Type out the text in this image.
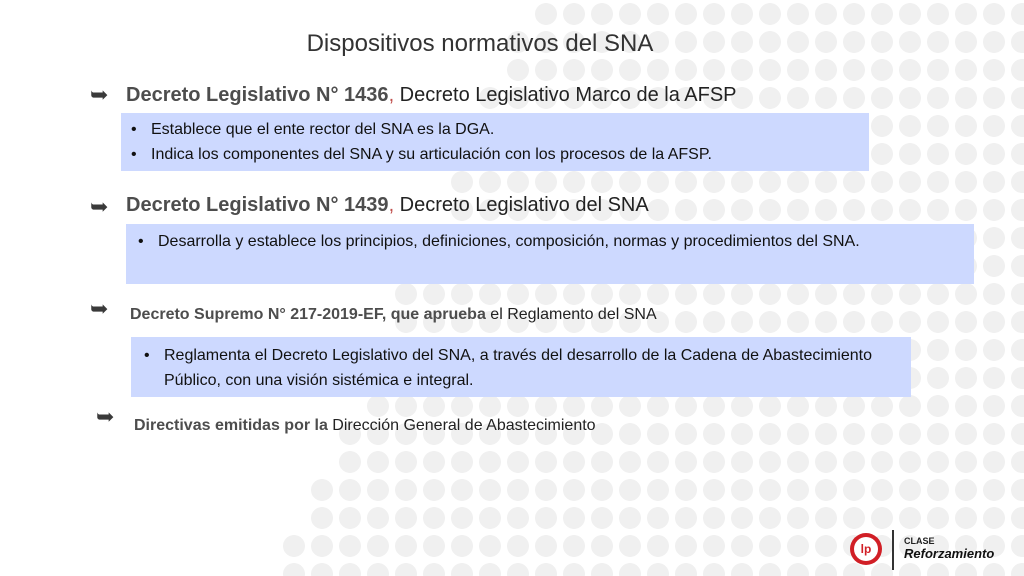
Dispositivos normativos del SNA
➥ Decreto Legislativo N° 1436, Decreto Legislativo Marco de la AFSP
• Establece que el ente rector del SNA es la DGA.
• Indica los componentes del SNA y su articulación con los procesos de la AFSP.
➥ Decreto Legislativo N° 1439, Decreto Legislativo del SNA
• Desarrolla y establece los principios, definiciones, composición, normas y procedimientos del SNA.
➥ Decreto Supremo N° 217-2019-EF, que aprueba el Reglamento del SNA
• Reglamenta el Decreto Legislativo del SNA, a través del desarrollo de la Cadena de Abastecimiento Público, con una visión sistémica e integral.
➥ Directivas emitidas por la Dirección General de Abastecimiento
lp
CLASE
Reforzamiento
